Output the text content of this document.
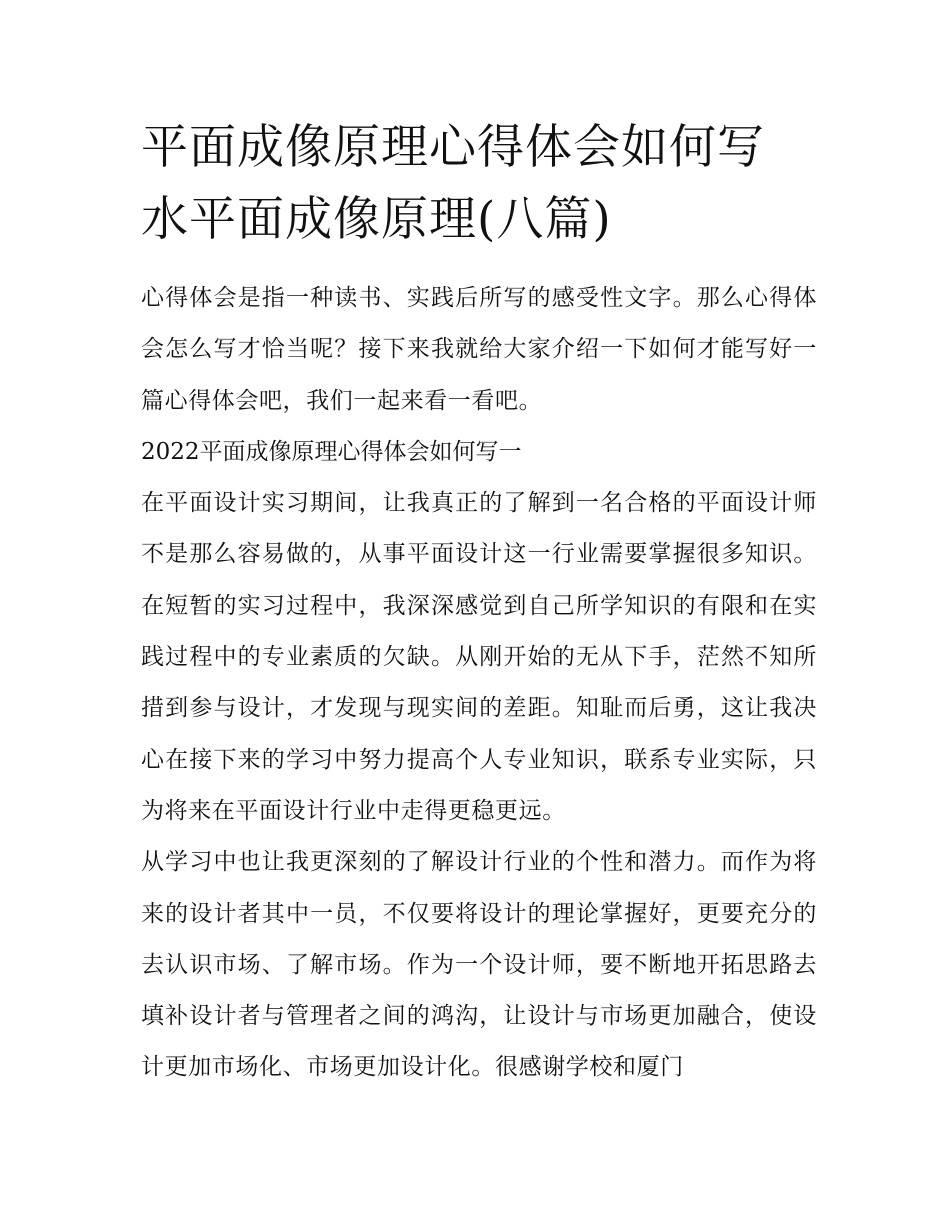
平面成像原理心得体会如何写
水平面成像原理(八篇)

心得体会是指一种读书、实践后所写的感受性文字。那么心得体会怎么写才恰当呢？接下来我就给大家介绍一下如何才能写好一篇心得体会吧，我们一起来看一看吧。

2022平面成像原理心得体会如何写一

在平面设计实习期间，让我真正的了解到一名合格的平面设计师不是那么容易做的，从事平面设计这一行业需要掌握很多知识。在短暂的实习过程中，我深深感觉到自己所学知识的有限和在实践过程中的专业素质的欠缺。从刚开始的无从下手，茫然不知所措到参与设计，才发现与现实间的差距。知耻而后勇，这让我决心在接下来的学习中努力提高个人专业知识，联系专业实际，只为将来在平面设计行业中走得更稳更远。

从学习中也让我更深刻的了解设计行业的个性和潜力。而作为将来的设计者其中一员，不仅要将设计的理论掌握好，更要充分的去认识市场、了解市场。作为一个设计师，要不断地开拓思路去填补设计者与管理者之间的鸿沟，让设计与市场更加融合，使设计更加市场化、市场更加设计化。很感谢学校和厦门
